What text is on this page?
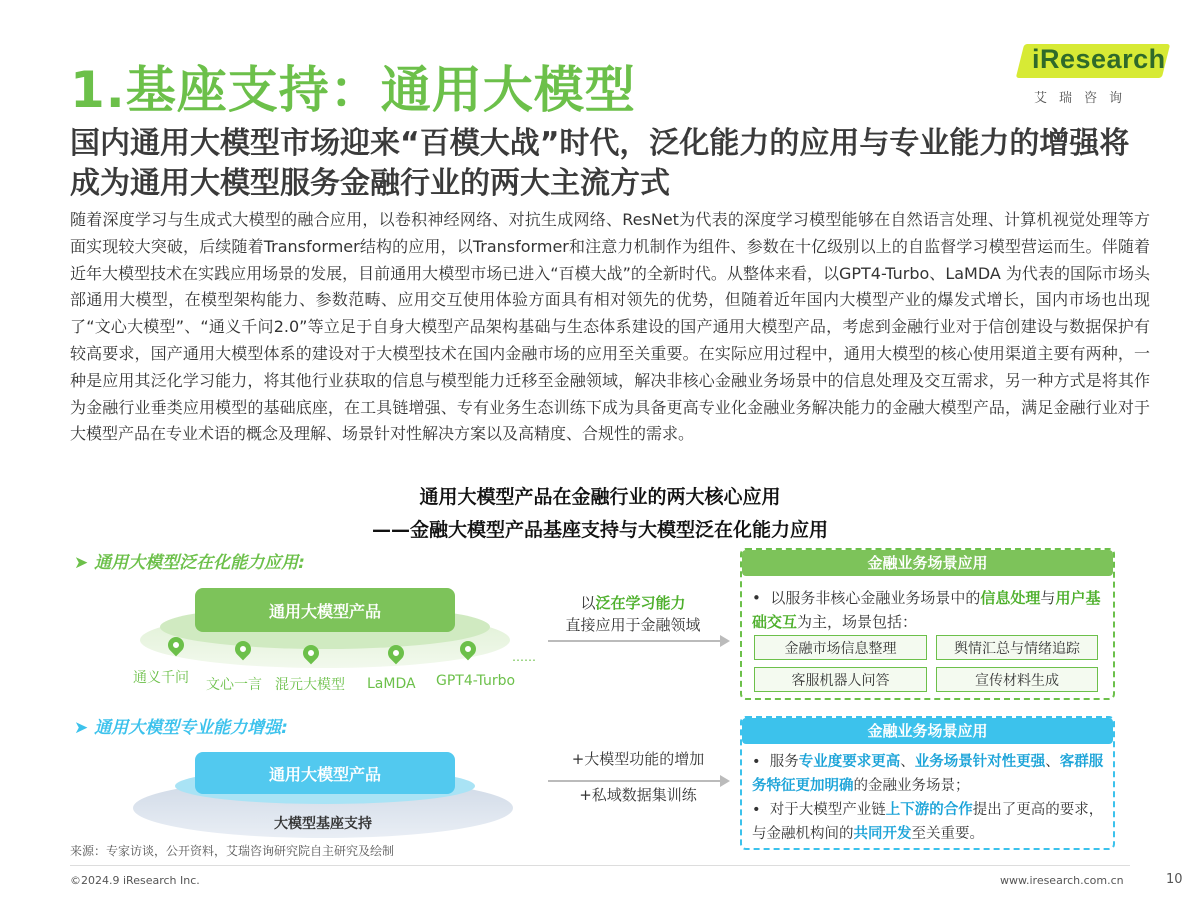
1.基座支持：通用大模型
iResearch
艾瑞咨询
国内通用大模型市场迎来“百模大战”时代，泛化能力的应用与专业能力的增强将成为通用大模型服务金融行业的两大主流方式
随着深度学习与生成式大模型的融合应用，以卷积神经网络、对抗生成网络、ResNet为代表的深度学习模型能够在自然语言处理、计算机视觉处理等方面实现较大突破，后续随着Transformer结构的应用，以Transformer和注意力机制作为组件、参数在十亿级别以上的自监督学习模型营运而生。伴随着近年大模型技术在实践应用场景的发展，目前通用大模型市场已进入“百模大战”的全新时代。从整体来看，以GPT4-Turbo、LaMDA 为代表的国际市场头部通用大模型，在模型架构能力、参数范畴、应用交互使用体验方面具有相对领先的优势，但随着近年国内大模型产业的爆发式增长，国内市场也出现了“文心大模型”、“通义千问2.0”等立足于自身大模型产品架构基础与生态体系建设的国产通用大模型产品，考虑到金融行业对于信创建设与数据保护有较高要求，国产通用大模型体系的建设对于大模型技术在国内金融市场的应用至关重要。在实际应用过程中，通用大模型的核心使用渠道主要有两种，一种是应用其泛化学习能力，将其他行业获取的信息与模型能力迁移至金融领域，解决非核心金融业务场景中的信息处理及交互需求，另一种方式是将其作为金融行业垂类应用模型的基础底座，在工具链增强、专有业务生态训练下成为具备更高专业化金融业务解决能力的金融大模型产品，满足金融行业对于大模型产品在专业术语的概念及理解、场景针对性解决方案以及高精度、合规性的需求。
通用大模型产品在金融行业的两大核心应用
——金融大模型产品基座支持与大模型泛在化能力应用
➤ 通用大模型泛在化能力应用:
通用大模型产品
通义千问 文心一言 混元大模型 LaMDA GPT4-Turbo
……
以泛在学习能力
直接应用于金融领域
金融业务场景应用
•  以服务非核心金融业务场景中的信息处理与用户基础交互为主，场景包括：
金融市场信息整理	舆情汇总与情绪追踪
客服机器人问答	宣传材料生成
➤ 通用大模型专业能力增强:
通用大模型产品
大模型基座支持
+大模型功能的增加
+私域数据集训练
金融业务场景应用
•  服务专业度要求更高、业务场景针对性更强、客群服务特征更加明确的金融业务场景；
•  对于大模型产业链上下游的合作提出了更高的要求，与金融机构间的共同开发至关重要。
来源：专家访谈，公开资料，艾瑞咨询研究院自主研究及绘制
©2024.9 iResearch Inc.	www.iresearch.com.cn	10
